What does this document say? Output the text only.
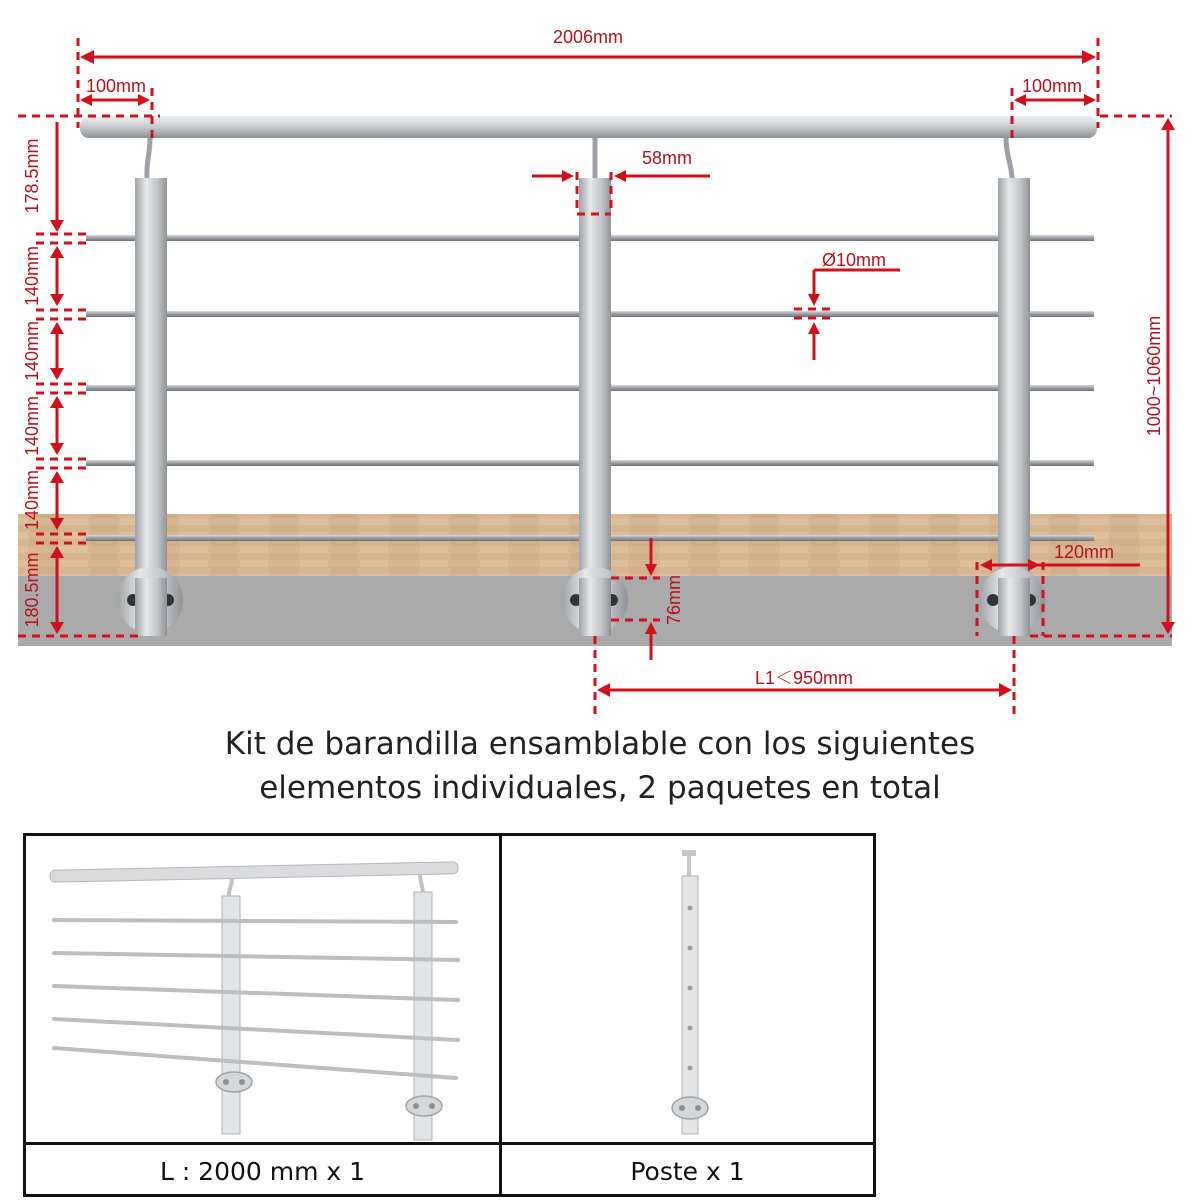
2006mm
100mm	100mm
58mm
Ø10mm
120mm
L1＜950mm
178.5mm
140mm
140mm
140mm
140mm
180.5mm
1000~1060mm
76mm
Kit de barandilla ensamblable con los siguientes
elementos individuales, 2 paquetes en total
L : 2000 mm x 1	Poste x 1
